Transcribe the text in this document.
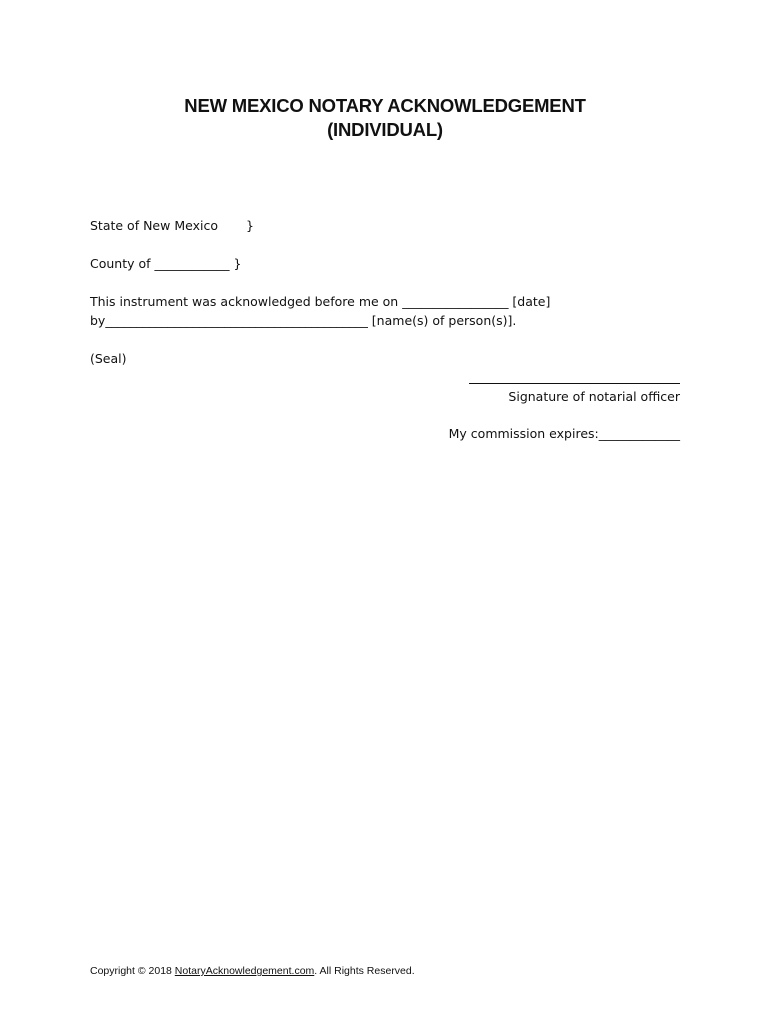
NEW MEXICO NOTARY ACKNOWLEDGEMENT
(INDIVIDUAL)
State of New Mexico }
County of ____________ }
This instrument was acknowledged before me on _________________ [date]
by__________________________________________ [name(s) of person(s)].
(Seal)
Signature of notarial officer
My commission expires:_____________
Copyright © 2018 NotaryAcknowledgement.com. All Rights Reserved.
